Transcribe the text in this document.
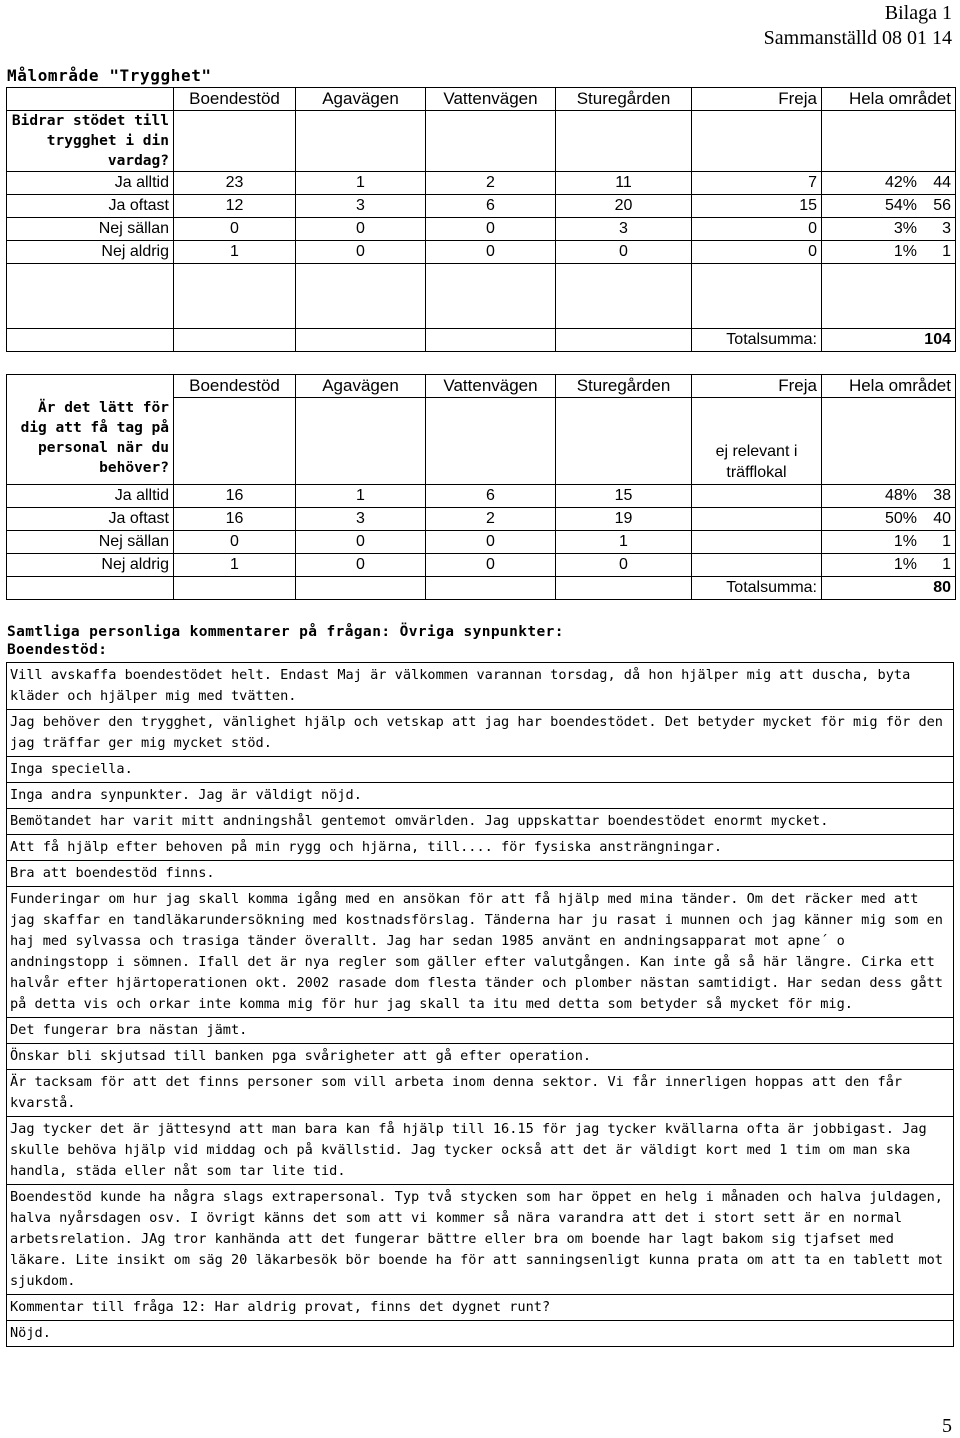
Bilaga 1
Sammanställd 08 01 14
Målområde "Trygghet"
	Boendestöd	Agavägen	Vattenvägen	Sturegården	Freja	Hela området
Bidrar stödet till trygghet i din vardag?						
Ja alltid	23	1	2	11	7	42% 44

Ja oftast	12	3	6	20	15	54% 56

Nej sällan	0	0	0	3	0	3% 3

Nej aldrig	1	0	0	0	0	1% 1

					Totalsumma:	104
	Boendestöd	Agavägen	Vattenvägen	Sturegården	Freja	Hela området
Är det lätt för dig att få tag på personal när du behöver?					ej relevant i träfflokal	
Ja alltid	16	1	6	15		48% 38

Ja oftast	16	3	2	19		50% 40

Nej sällan	0	0	0	1		1% 1

Nej aldrig	1	0	0	0		1% 1

					Totalsumma:	80
Samtliga personliga kommentarer på frågan: Övriga synpunkter:
Boendestöd:
Vill avskaffa boendestödet helt. Endast Maj är välkommen varannan torsdag, då hon hjälper mig att duscha, byta kläder och hjälper mig med tvätten.
Jag behöver den trygghet, vänlighet hjälp och vetskap att jag har boendestödet. Det betyder mycket för mig för den jag träffar ger mig mycket stöd.
Inga speciella.
Inga andra synpunkter. Jag är väldigt nöjd.
Bemötandet har varit mitt andningshål gentemot omvärlden. Jag uppskattar boendestödet enormt mycket.
Att få hjälp efter behoven på min rygg och hjärna, till.... för fysiska ansträngningar.
Bra att boendestöd finns.
Funderingar om hur jag skall komma igång med en ansökan för att få hjälp med mina tänder. Om det räcker med att jag skaffar en tandläkarundersökning med kostnadsförslag. Tänderna har ju rasat i munnen och jag känner mig som en haj med sylvassa och trasiga tänder överallt. Jag har sedan 1985 använt en andningsapparat mot apne´ o andningstopp i sömnen. Ifall det är nya regler som gäller efter valutgången. Kan inte gå så här längre. Cirka ett halvår efter hjärtoperationen okt. 2002 rasade dom flesta tänder och plomber nästan samtidigt. Har sedan dess gått på detta vis och orkar inte komma mig för hur jag skall ta itu med detta som betyder så mycket för mig.
Det fungerar bra nästan jämt.
Önskar bli skjutsad till banken pga svårigheter att gå efter operation.
Är tacksam för att det finns personer som vill arbeta inom denna sektor. Vi får innerligen hoppas att den får kvarstå.
Jag tycker det är jättesynd att man bara kan få hjälp till 16.15 för jag tycker kvällarna ofta är jobbigast. Jag skulle behöva hjälp vid middag och på kvällstid. Jag tycker också att det är väldigt kort med 1 tim om man ska handla, städa eller nåt som tar lite tid.
Boendestöd kunde ha några slags extrapersonal. Typ två stycken som har öppet en helg i månaden och halva juldagen, halva nyårsdagen osv. I övrigt känns det som att vi kommer så nära varandra att det i stort sett är en normal arbetsrelation. JAg tror kanhända att det fungerar bättre eller bra om boende har lagt bakom sig tjafset med läkare. Lite insikt om säg 20 läkarbesök bör boende ha för att sanningsenligt kunna prata om att ta en tablett mot sjukdom.
Kommentar till fråga 12: Har aldrig provat, finns det dygnet runt?
Nöjd.
5
